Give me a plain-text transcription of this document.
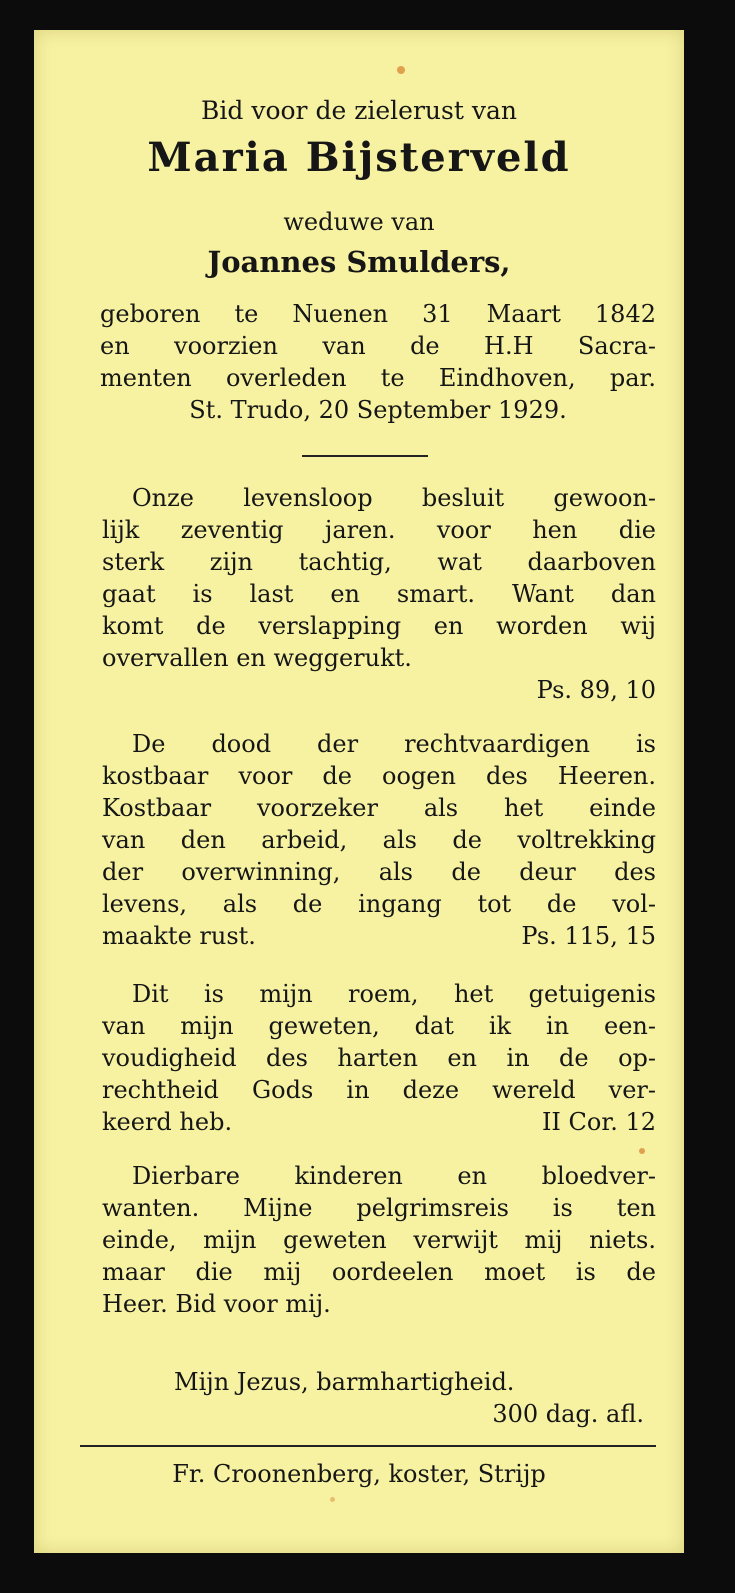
Bid voor de zielerust van
Maria Bijsterveld
weduwe van
Joannes Smulders,
geboren te Nuenen 31 Maart 1842
en voorzien van de H.H Sacra-
menten overleden te Eindhoven, par.
St. Trudo, 20 September 1929.
Onze levensloop besluit gewoon-
lijk zeventig jaren. voor hen die
sterk zijn tachtig, wat daarboven
gaat is last en smart. Want dan
komt de verslapping en worden wij
overvallen en weggerukt.
Ps. 89, 10
De dood der rechtvaardigen is
kostbaar voor de oogen des Heeren.
Kostbaar voorzeker als het einde
van den arbeid, als de voltrekking
der overwinning, als de deur des
levens, als de ingang tot de vol-
maakte rust.	Ps. 115, 15
Dit is mijn roem, het getuigenis
van mijn geweten, dat ik in een-
voudigheid des harten en in de op-
rechtheid Gods in deze wereld ver-
keerd heb.	II Cor. 12
Dierbare kinderen en bloedver-
wanten. Mijne pelgrimsreis is ten
einde, mijn geweten verwijt mij niets.
maar die mij oordeelen moet is de
Heer. Bid voor mij.
Mijn Jezus, barmhartigheid.
300 dag. afl.
Fr. Croonenberg, koster, Strijp
